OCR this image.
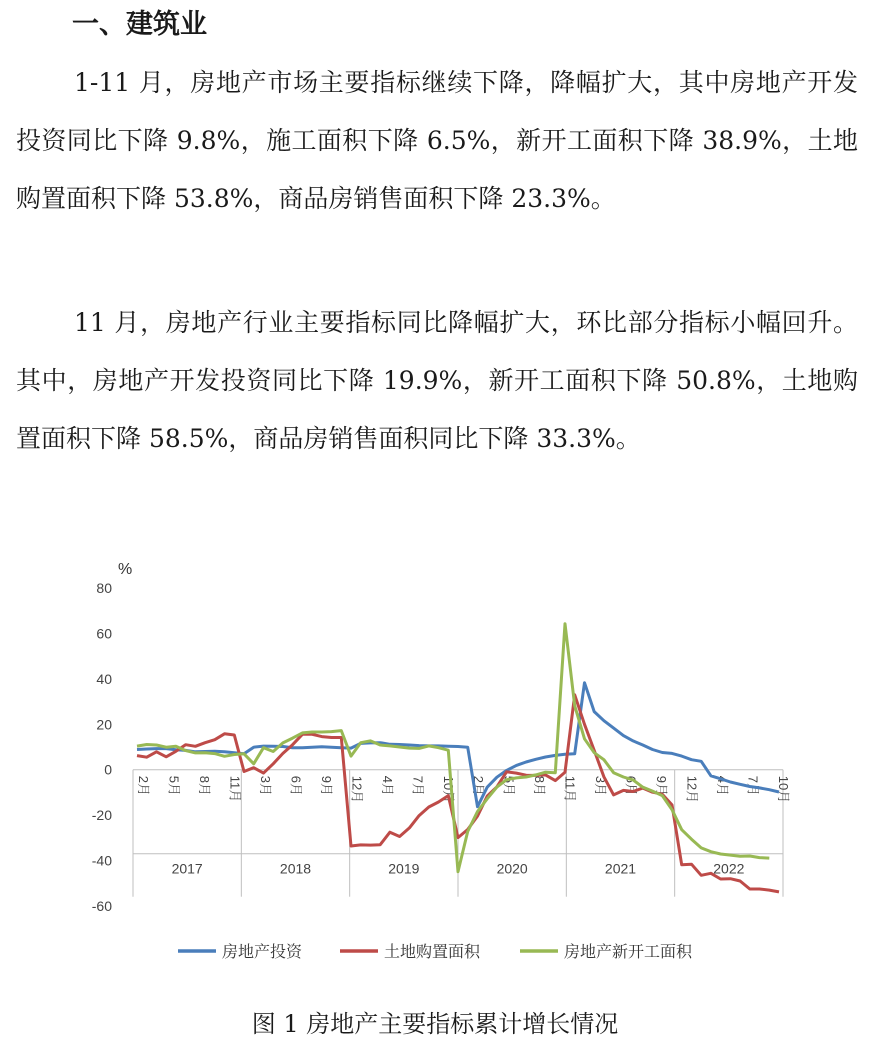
一、建筑业

1-11 月，房地产市场主要指标继续下降，降幅扩大，其中房地产开发投资同比下降 9.8%，施工面积下降 6.5%，新开工面积下降 38.9%，土地购置面积下降 53.8%，商品房销售面积下降 23.3%。

11 月，房地产行业主要指标同比降幅扩大，环比部分指标小幅回升。其中，房地产开发投资同比下降 19.9%，新开工面积下降 50.8%，土地购置面积下降 58.5%，商品房销售面积同比下降 33.3%。

%
80
60
40
20
0
-20
-40
-60
2017	2018	2019	2020	2021	2022
2月 5月 8月 11月 3月 6月 9月 12月 4月 7月 10月 2月 5月 8月 11月 3月 6月 9月 12月 4月 7月 10月
房地产投资	土地购置面积	房地产新开工面积
图 1 房地产主要指标累计增长情况
